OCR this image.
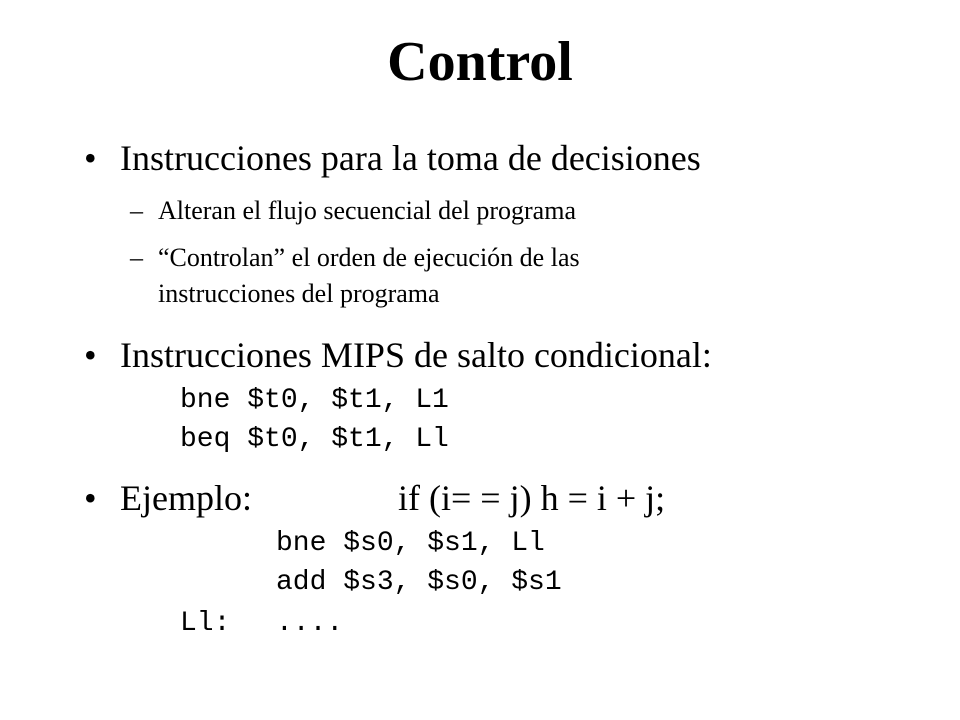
Control
• Instrucciones para la toma de decisiones
– Alteran el flujo secuencial del programa
– “Controlan” el orden de ejecución de las
instrucciones del programa
• Instrucciones MIPS de salto condicional:
bne $t0, $t1, L1
beq $t0, $t1, Ll
• Ejemplo:	if (i= = j) h = i + j;
bne $s0, $s1, Ll
add $s3, $s0, $s1
Ll: ....
